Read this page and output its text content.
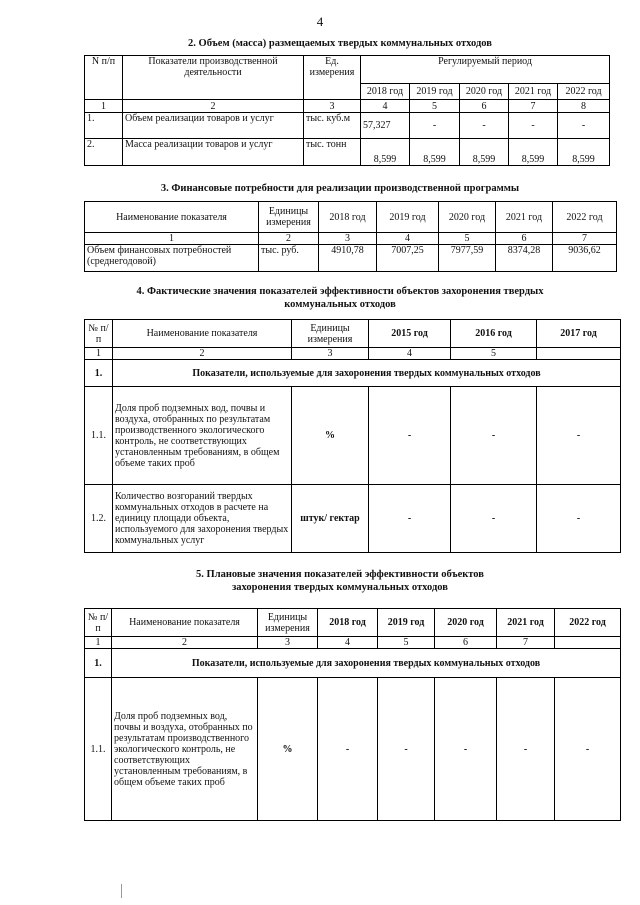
4
2. Объем (масса) размещаемых твердых коммунальных отходов
N п/п	Показатели производственной деятельности	Ед. измерения	Регулируемый период				
			2018 год	2019 год	2020 год	2021 год	2022 год
1	2	3	4	5	6	7	8
1.	Объем реализации товаров и услуг	тыс. куб.м	57,327	-	-	-	-
2.	Масса реализации товаров и услуг	тыс. тонн	8,599	8,599	8,599	8,599	8,599
3. Финансовые потребности для реализации производственной программы
Наименование показателя	Единицы измерения	2018 год	2019 год	2020 год	2021 год	2022 год
1	2	3	4	5	6	7
Объем финансовых потребностей (среднегодовой)	тыс. руб.	4910,78	7007,25	7977,59	8374,28	9036,62
4. Фактические значения показателей эффективности объектов захоронения твердых
коммунальных отходов
№ п/п	Наименование показателя	Единицы измерения	2015 год	2016 год	2017 год
1	2	3	4	5	
1.	Показатели, используемые для захоронения твердых коммунальных отходов				
1.1.	Доля проб подземных вод, почвы и воздуха, отобранных по результатам производственного экологического контроль, не соответствующих установленным требованиям, в общем объеме таких проб	%	-	-	-
1.2.	Количество возгораний твердых коммунальных отходов в расчете на единицу площади объекта, используемого для захоронения твердых коммунальных услуг	штук/ гектар	-	-	-
5. Плановые значения показателей эффективности объектов
захоронения твердых коммунальных отходов
№ п/п	Наименование показателя	Единицы измерения	2018 год	2019 год	2020 год	2021 год	2022 год
1	2	3	4	5	6	7	
1.	Показатели, используемые для захоронения твердых коммунальных отходов						
1.1.	Доля проб подземных вод, почвы и воздуха, отобранных по результатам производственного экологического контроль, не соответствующих установленным требованиям, в общем объеме таких проб	%	-	-	-	-	-
